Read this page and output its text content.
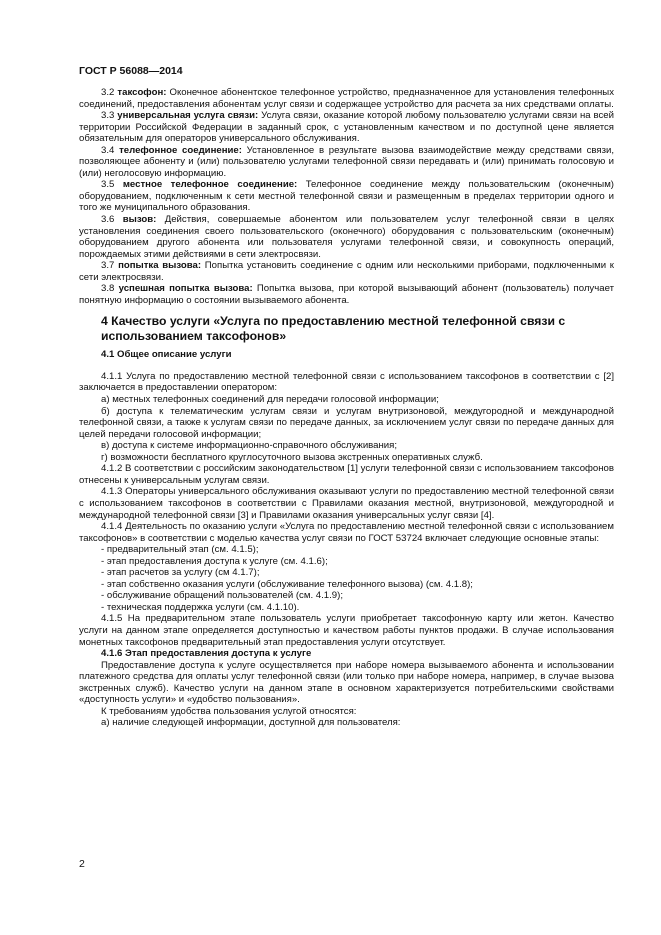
ГОСТ Р 56088—2014

3.2 таксофон: Оконечное абонентское телефонное устройство, предназначенное для установления телефонных соединений, предоставления абонентам услуг связи и содержащее устройство для расчета за них средствами оплаты.

3.3 универсальная услуга связи: Услуга связи, оказание которой любому пользователю услугами связи на всей территории Российской Федерации в заданный срок, с установленным качеством и по доступной цене является обязательным для операторов универсального обслуживания.

3.4 телефонное соединение: Установленное в результате вызова взаимодействие между средствами связи, позволяющее абоненту и (или) пользователю услугами телефонной связи передавать и (или) принимать голосовую и (или) неголосовую информацию.

3.5 местное телефонное соединение: Телефонное соединение между пользовательским (оконечным) оборудованием, подключенным к сети местной телефонной связи и размещенным в пределах территории одного и того же муниципального образования.

3.6 вызов: Действия, совершаемые абонентом или пользователем услуг телефонной связи в целях установления соединения своего пользовательского (оконечного) оборудования с пользовательским (оконечным) оборудованием другого абонента или пользователя услугами телефонной связи, и совокупность операций, порождаемых этими действиями в сети электросвязи.

3.7 попытка вызова: Попытка установить соединение с одним или несколькими приборами, подключенными к сети электросвязи.

3.8 успешная попытка вызова: Попытка вызова, при которой вызывающий абонент (пользователь) получает понятную информацию о состоянии вызываемого абонента.

4 Качество услуги «Услуга по предоставлению местной телефонной связи с использованием таксофонов»
4.1 Общее описание услуги

4.1.1 Услуга по предоставлению местной телефонной связи с использованием таксофонов в соответствии с [2] заключается в предоставлении оператором:

а) местных телефонных соединений для передачи голосовой информации;

б) доступа к телематическим услугам связи и услугам внутризоновой, междугородной и международной телефонной связи, а также к услугам связи по передаче данных, за исключением услуг связи по передаче данных для целей передачи голосовой информации;

в) доступа к системе информационно-справочного обслуживания;

г) возможности бесплатного круглосуточного вызова экстренных оперативных служб.

4.1.2 В соответствии с российским законодательством [1] услуги телефонной связи с использованием таксофонов отнесены к универсальным услугам связи.

4.1.3 Операторы универсального обслуживания оказывают услуги по предоставлению местной телефонной связи с использованием таксофонов в соответствии с Правилами оказания местной, внутризоновой, междугородной и международной телефонной связи [3] и Правилами оказания универсальных услуг связи [4].

4.1.4 Деятельность по оказанию услуги «Услуга по предоставлению местной телефонной связи с использованием таксофонов» в соответствии с моделью качества услуг связи по ГОСТ 53724 включает следующие основные этапы:

- предварительный этап (см. 4.1.5);

- этап предоставления доступа к услуге (см. 4.1.6);

- этап расчетов за услугу (см 4.1.7);

- этап собственно оказания услуги (обслуживание телефонного вызова) (см. 4.1.8);

- обслуживание обращений пользователей (см. 4.1.9);

- техническая поддержка услуги (см. 4.1.10).

4.1.5 На предварительном этапе пользователь услуги приобретает таксофонную карту или жетон. Качество услуги на данном этапе определяется доступностью и качеством работы пунктов продажи. В случае использования монетных таксофонов предварительный этап предоставления услуги отсутствует.

4.1.6 Этап предоставления доступа к услуге

Предоставление доступа к услуге осуществляется при наборе номера вызываемого абонента и использовании платежного средства для оплаты услуг телефонной связи (или только при наборе номера, например, в случае вызова экстренных служб). Качество услуги на данном этапе в основном характеризуется потребительскими свойствами «доступность услуги» и «удобство пользования».

К требованиям удобства пользования услугой относятся:

а) наличие следующей информации, доступной для пользователя:

2
